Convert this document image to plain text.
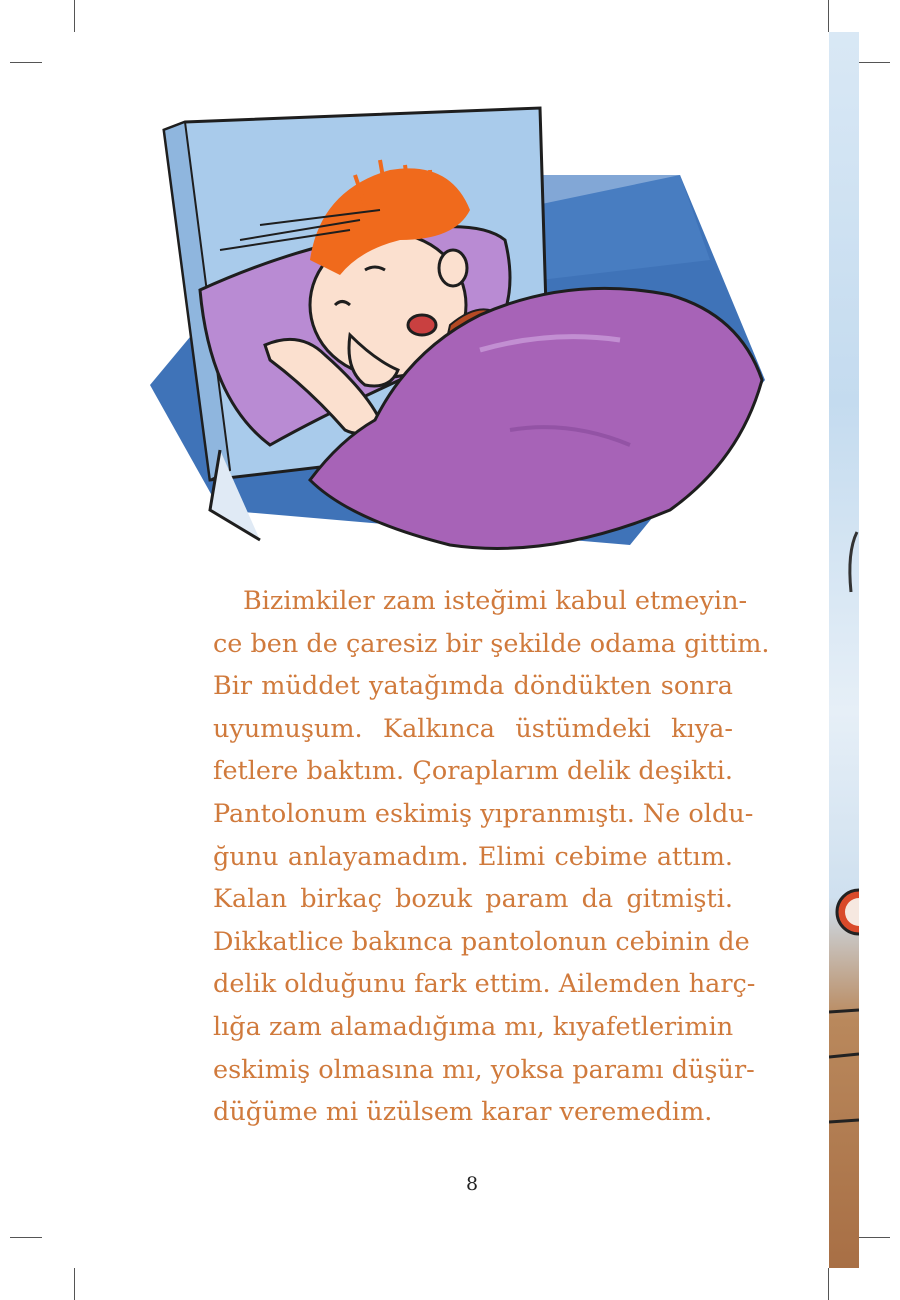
Bizimkiler zam isteğimi kabul etmeyin-
ce ben de çaresiz bir şekilde odama gittim.
Bir müddet yatağımda döndükten sonra
uyumuşum. Kalkınca üstümdeki kıya-
fetlere baktım. Çoraplarım delik deşikti.
Pantolonum eskimiş yıpranmıştı. Ne oldu-
ğunu anlayamadım. Elimi cebime attım.
Kalan birkaç bozuk param da gitmişti.
Dikkatlice bakınca pantolonun cebinin de
delik olduğunu fark ettim. Ailemden harç-
lığa zam alamadığıma mı, kıyafetlerimin
eskimiş olmasına mı, yoksa paramı düşür-
düğüme mi üzülsem karar veremedim.
8
